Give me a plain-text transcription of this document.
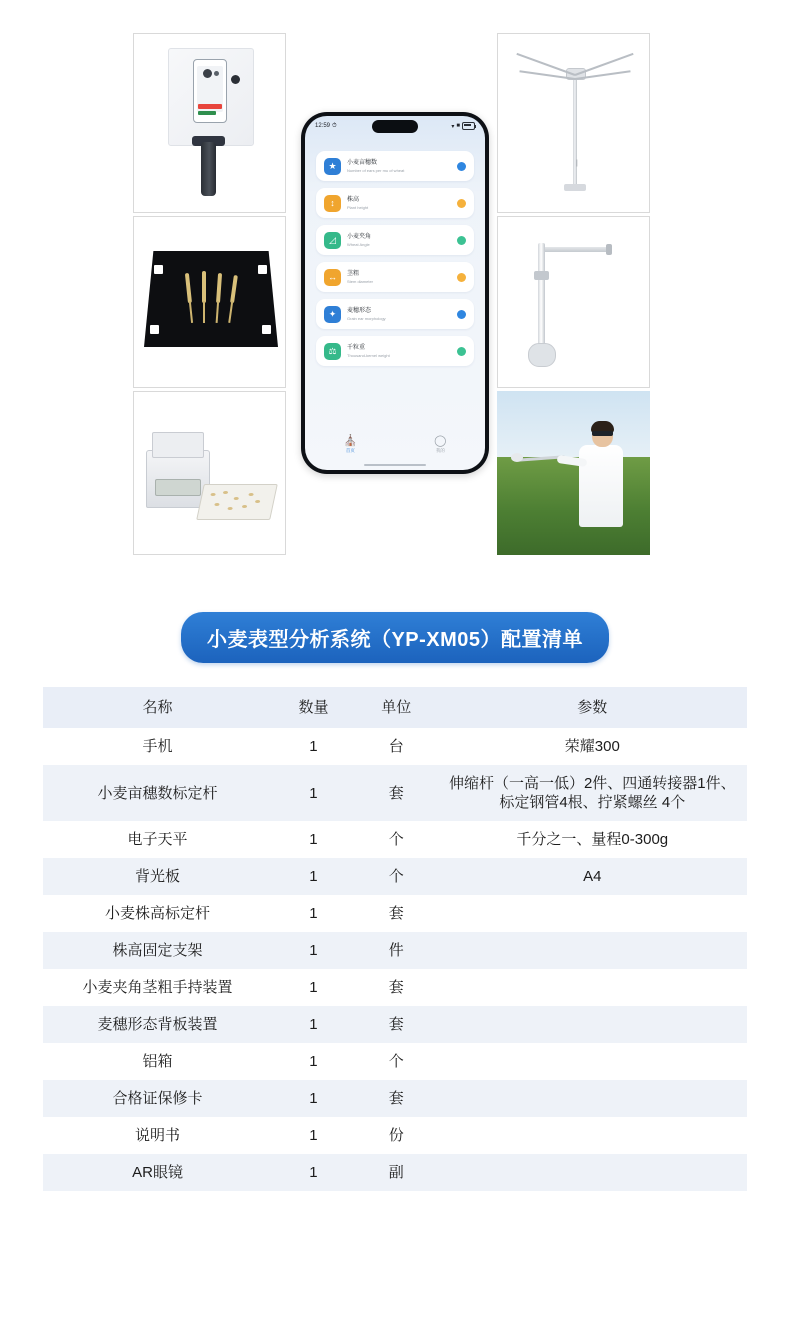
|
12:59 ⏱	▾ ■
★	小麦亩穗数
Number of ears per mu of wheat
↕	株高
Plant height
◿	小麦夹角
Wheat Angle
↔	茎粗
Stem diameter
✦	麦穗形态
Grain ear morphology
⚖	千粒重
Thousand-kernel weight
⛪
首页
◯
我的
小麦表型分析系统（YP-XM05）配置清单
名称	数量	单位	参数
手机	1	台	荣耀300
小麦亩穗数标定杆	1	套	伸缩杆（一高一低）2件、四通转接器1件、标定钢管4根、拧紧螺丝 4个
电子天平	1	个	千分之一、量程0-300g
背光板	1	个	A4
小麦株高标定杆	1	套	
株高固定支架	1	件	
小麦夹角茎粗手持装置	1	套	
麦穗形态背板装置	1	套	
铝箱	1	个	
合格证保修卡	1	套	
说明书	1	份	
AR眼镜	1	副	
